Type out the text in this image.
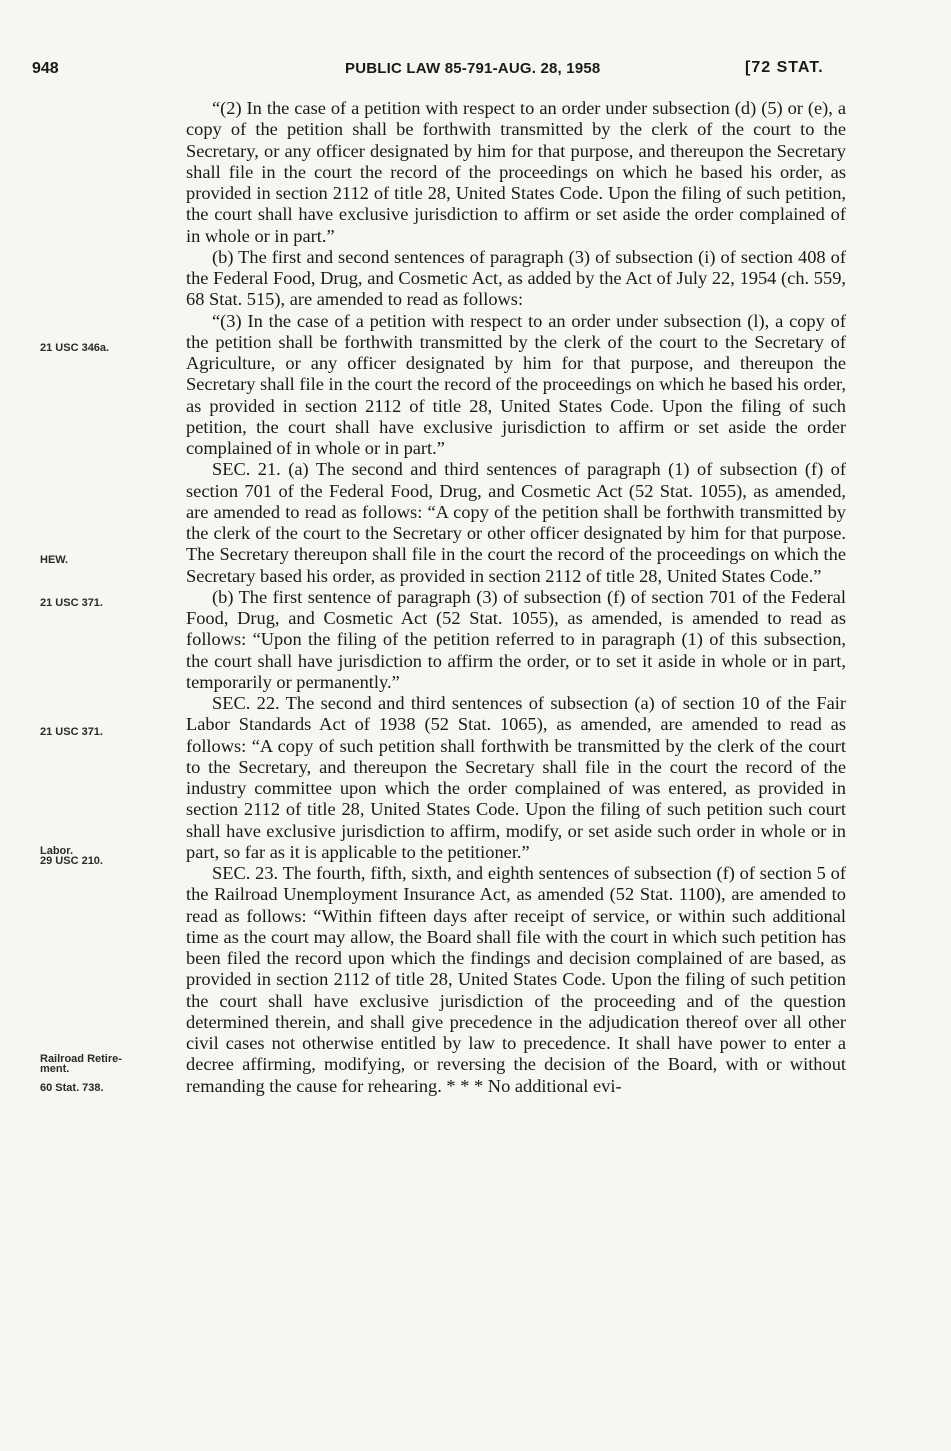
948	PUBLIC LAW 85-791-AUG. 28, 1958	[72 STAT.
21 USC 346a.
HEW.
21 USC 371.
21 USC 371.
Labor.
29 USC 210.
Railroad Retire-
ment.
60 Stat. 738.

“(2) In the case of a petition with respect to an order under subsection (d) (5) or (e), a copy of the petition shall be forthwith transmitted by the clerk of the court to the Secretary, or any officer designated by him for that purpose, and thereupon the Secretary shall file in the court the record of the proceedings on which he based his order, as provided in section 2112 of title 28, United States Code. Upon the filing of such petition, the court shall have exclusive jurisdiction to affirm or set aside the order complained of in whole or in part.”

(b) The first and second sentences of paragraph (3) of subsection (i) of section 408 of the Federal Food, Drug, and Cosmetic Act, as added by the Act of July 22, 1954 (ch. 559, 68 Stat. 515), are amended to read as follows:

“(3) In the case of a petition with respect to an order under subsection (l), a copy of the petition shall be forthwith transmitted by the clerk of the court to the Secretary of Agriculture, or any officer designated by him for that purpose, and thereupon the Secretary shall file in the court the record of the proceedings on which he based his order, as provided in section 2112 of title 28, United States Code. Upon the filing of such petition, the court shall have exclusive jurisdiction to affirm or set aside the order complained of in whole or in part.”

SEC. 21. (a) The second and third sentences of paragraph (1) of subsection (f) of section 701 of the Federal Food, Drug, and Cosmetic Act (52 Stat. 1055), as amended, are amended to read as follows: “A copy of the petition shall be forthwith transmitted by the clerk of the court to the Secretary or other officer designated by him for that purpose. The Secretary thereupon shall file in the court the record of the proceedings on which the Secretary based his order, as provided in section 2112 of title 28, United States Code.”

(b) The first sentence of paragraph (3) of subsection (f) of section 701 of the Federal Food, Drug, and Cosmetic Act (52 Stat. 1055), as amended, is amended to read as follows: “Upon the filing of the petition referred to in paragraph (1) of this subsection, the court shall have jurisdiction to affirm the order, or to set it aside in whole or in part, temporarily or permanently.”

SEC. 22. The second and third sentences of subsection (a) of section 10 of the Fair Labor Standards Act of 1938 (52 Stat. 1065), as amended, are amended to read as follows: “A copy of such petition shall forthwith be transmitted by the clerk of the court to the Secretary, and thereupon the Secretary shall file in the court the record of the industry committee upon which the order complained of was entered, as provided in section 2112 of title 28, United States Code. Upon the filing of such petition such court shall have exclusive jurisdiction to affirm, modify, or set aside such order in whole or in part, so far as it is applicable to the petitioner.”

SEC. 23. The fourth, fifth, sixth, and eighth sentences of subsection (f) of section 5 of the Railroad Unemployment Insurance Act, as amended (52 Stat. 1100), are amended to read as follows: “Within fifteen days after receipt of service, or within such additional time as the court may allow, the Board shall file with the court in which such petition has been filed the record upon which the findings and decision complained of are based, as provided in section 2112 of title 28, United States Code. Upon the filing of such petition the court shall have exclusive jurisdiction of the proceeding and of the question determined therein, and shall give precedence in the adjudication thereof over all other civil cases not otherwise entitled by law to precedence. It shall have power to enter a decree affirming, modifying, or reversing the decision of the Board, with or without remanding the cause for rehearing. * * * No additional evi-
